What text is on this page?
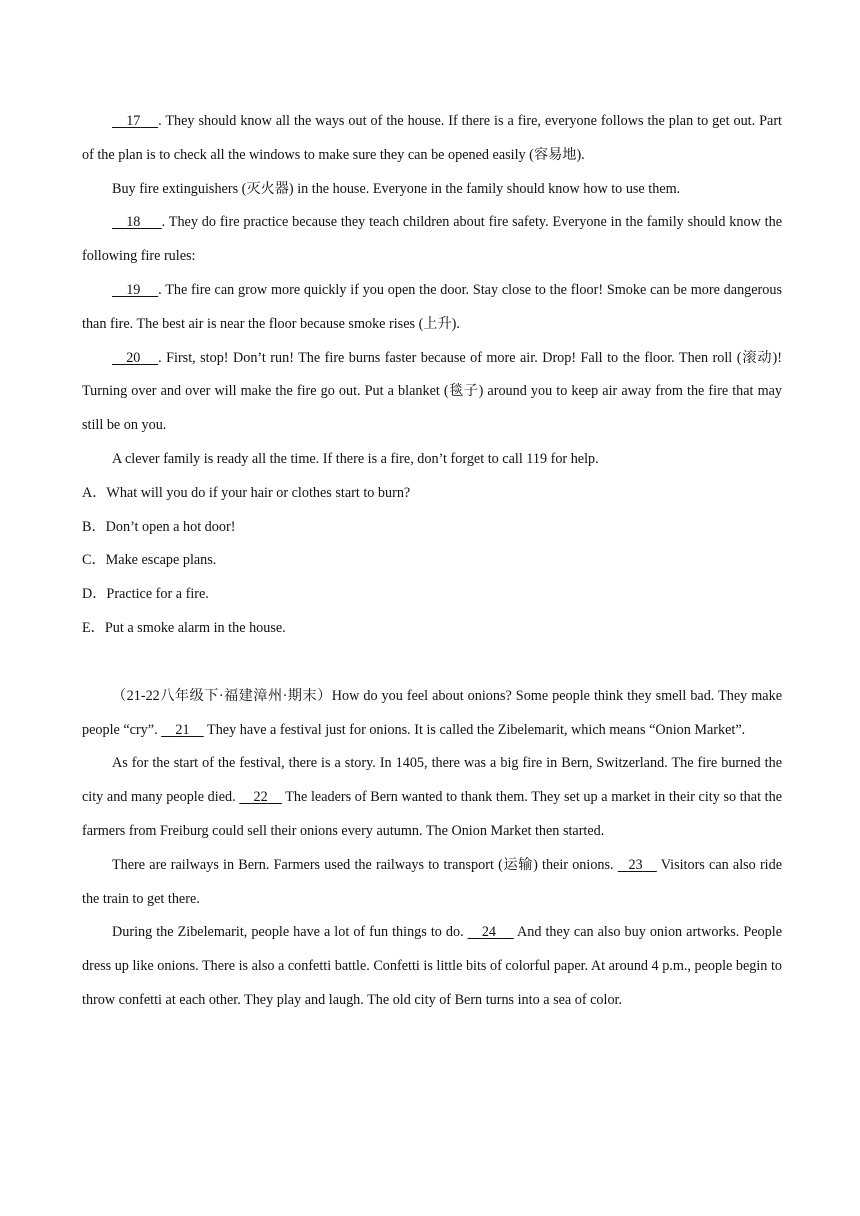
17 . They should know all the ways out of the house. If there is a fire, everyone follows the plan to get out. Part of the plan is to check all the windows to make sure they can be opened easily (容易地).

Buy fire extinguishers (灭火器) in the house. Everyone in the family should know how to use them.

18 . They do fire practice because they teach children about fire safety. Everyone in the family should know the following fire rules:

19 . The fire can grow more quickly if you open the door. Stay close to the floor! Smoke can be more dangerous than fire. The best air is near the floor because smoke rises (上升).

20 . First, stop! Don’t run! The fire burns faster because of more air. Drop! Fall to the floor. Then roll (滚动)! Turning over and over will make the fire go out. Put a blanket (毯子) around you to keep air away from the fire that may still be on you.

A clever family is ready all the time. If there is a fire, don’t forget to call 119 for help.

A．What will you do if your hair or clothes start to burn?

B．Don’t open a hot door!

C．Make escape plans.

D．Practice for a fire.

E．Put a smoke alarm in the house.

（21-22八年级下·福建漳州·期末）How do you feel about onions? Some people think they smell bad. They make people “cry”.     21     They have a festival just for onions. It is called the Zibelemarit, which means “Onion Market”.

As for the start of the festival, there is a story. In 1405, there was a big fire in Bern, Switzerland. The fire burned the city and many people died.     22     The leaders of Bern wanted to thank them. They set up a market in their city so that the farmers from Freiburg could sell their onions every autumn. The Onion Market then started.

There are railways in Bern. Farmers used the railways to transport (运输) their onions.    23     Visitors can also ride the train to get there.

During the Zibelemarit, people have a lot of fun things to do.     24      And they can also buy onion artworks. People dress up like onions. There is also a confetti battle. Confetti is little bits of colorful paper. At around 4 p.m., people begin to throw confetti at each other. They play and laugh. The old city of Bern turns into a sea of color.
